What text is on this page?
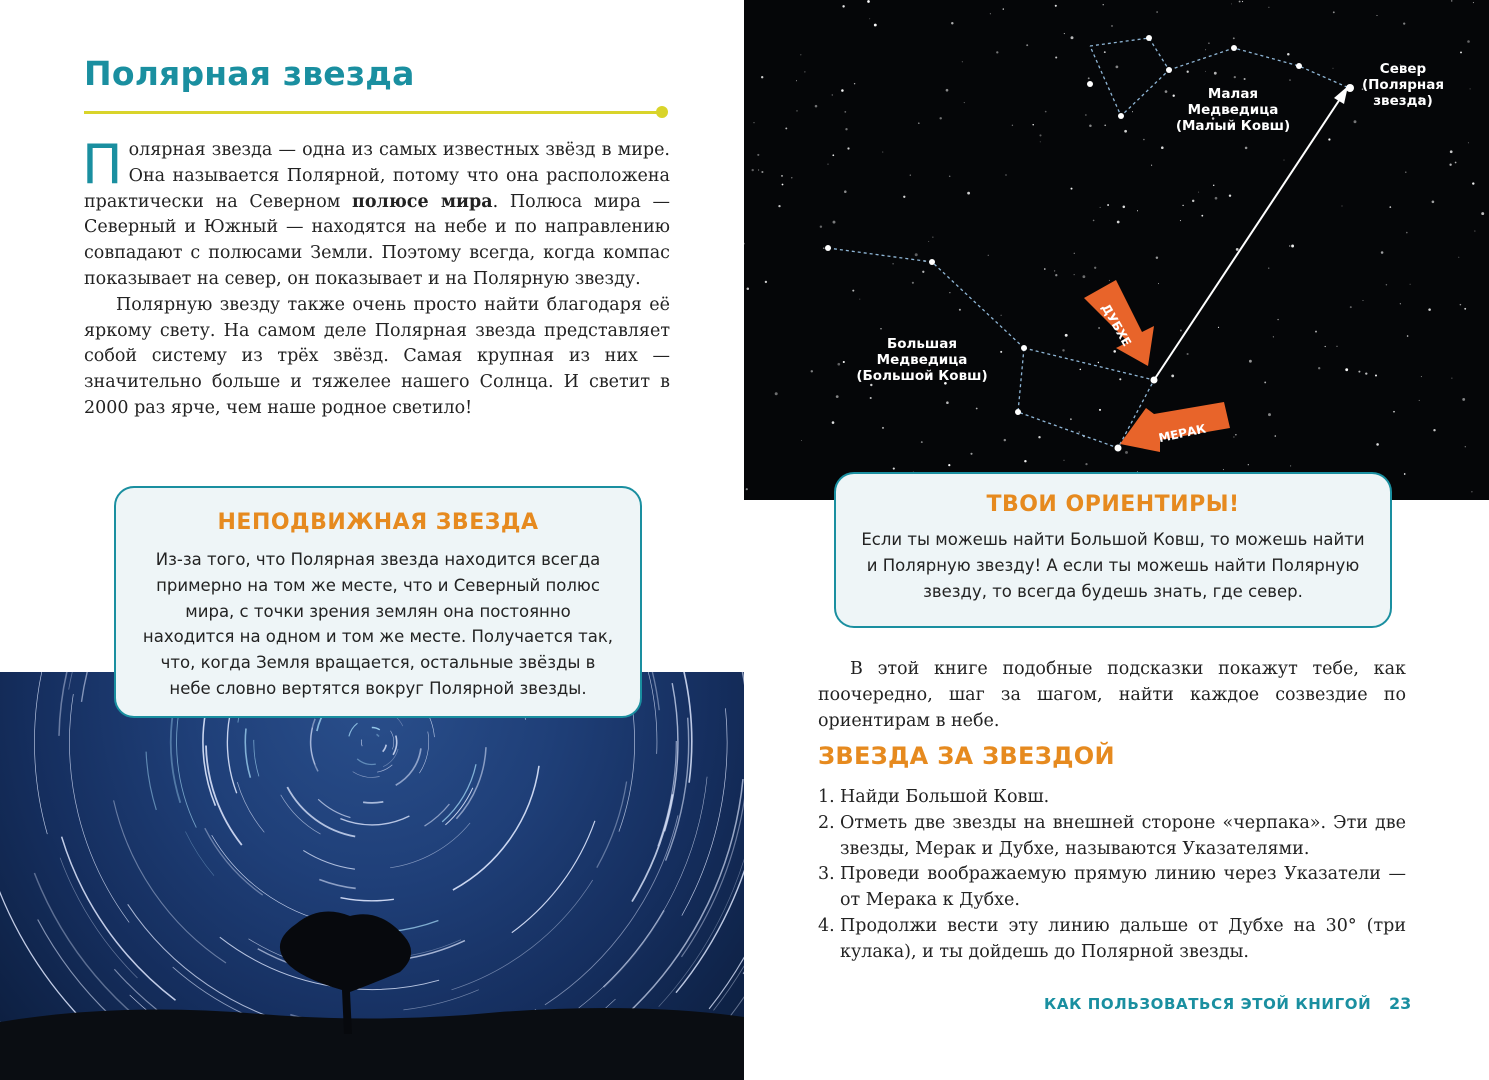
Полярная звезда

Полярная звезда — одна из самых известных звёзд в мире. Она называется Полярной, потому что она расположена практически на Северном полюсе мира. Полюса мира — Северный и Южный — находятся на небе и по направлению совпадают с полюсами Земли. Поэтому всегда, когда компас показывает на север, он показывает и на Полярную звезду.

Полярную звезду также очень просто найти благодаря её яркому свету. На самом деле Полярная звезда представляет собой систему из трёх звёзд. Самая крупная из них — значительно больше и тяжелее нашего Солнца. И светит в 2000 раз ярче, чем наше родное светило!

НЕПОДВИЖНАЯ ЗВЕЗДА
Из-за того, что Полярная звезда находится всегда примерно на том же месте, что и Северный полюс мира, с точки зрения землян она постоянно находится на одном и том же месте. Получается так, что, когда Земля вращается, остальные звёзды в небе словно вертятся вокруг Полярной звезды.
ДУБХЕ
МЕРАК
Малая Медведица
(Малый Ковш)
Север
(Полярная
звезда)
Большая Медведица
(Большой Ковш)
ТВОИ ОРИЕНТИРЫ!
Если ты можешь найти Большой Ковш, то можешь найти и Полярную звезду! А если ты можешь найти Полярную звезду, то всегда будешь знать, где север.
В этой книге подобные подсказки покажут тебе, как поочередно, шаг за шагом, найти каждое созвездие по ориентирам в небе.
ЗВЕЗДА ЗА ЗВЕЗДОЙ
1. Найди Большой Ковш.
2. Отметь две звезды на внешней стороне «черпака». Эти две звезды, Мерак и Дубхе, называются Указателями.
3. Проведи воображаемую прямую линию через Указатели — от Мерака к Дубхе.
4. Продолжи вести эту линию дальше от Дубхе на 30° (три кулака), и ты дойдешь до Полярной звезды.
КАК ПОЛЬЗОВАТЬСЯ ЭТОЙ КНИГОЙ 23
